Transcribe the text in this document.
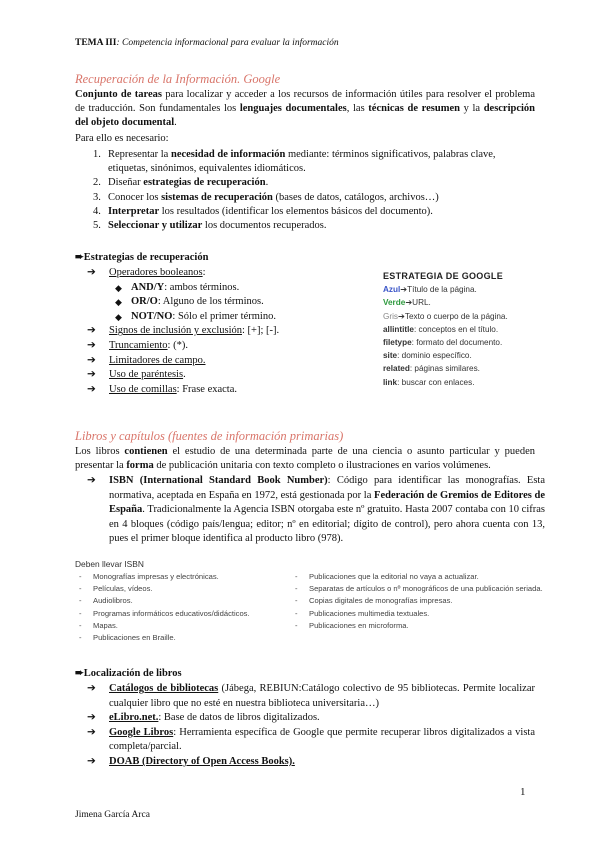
TEMA III: Competencia informacional para evaluar la información
Recuperación de la Información. Google
Conjunto de tareas para localizar y acceder a los recursos de información útiles para resolver el problema de traducción. Son fundamentales los lenguajes documentales, las técnicas de resumen y la descripción del objeto documental.
Para ello es necesario:
1. Representar la necesidad de información mediante: términos significativos, palabras clave, etiquetas, sinónimos, equivalentes idiomáticos.
2. Diseñar estrategias de recuperación.
3. Conocer los sistemas de recuperación (bases de datos, catálogos, archivos…)
4. Interpretar los resultados (identificar los elementos básicos del documento).
5. Seleccionar y utilizar los documentos recuperados.
➨Estrategias de recuperación
➔ Operadores booleanos:
◆ AND/Y: ambos términos.
◆ OR/O: Alguno de los términos.
◆ NOT/NO: Sólo el primer término.
➔ Signos de inclusión y exclusión: [+]; [-].
➔ Truncamiento: (*).
➔ Limitadores de campo.
➔ Uso de paréntesis.
➔ Uso de comillas: Frase exacta.
ESTRATEGIA DE GOOGLE
Azul➔Título de la página.
Verde➔URL.
Gris➔Texto o cuerpo de la página.
allintitle: conceptos en el título.
filetype: formato del documento.
site: dominio específico.
related: páginas similares.
link: buscar con enlaces.
Libros y capítulos (fuentes de información primarias)
Los libros contienen el estudio de una determinada parte de una ciencia o asunto particular y pueden presentar la forma de publicación unitaria con texto completo o ilustraciones en varios volúmenes.
➔ ISBN (International Standard Book Number): Código para identificar las monografías. Esta normativa, aceptada en España en 1972, está gestionada por la Federación de Gremios de Editores de España. Tradicionalmente la Agencia ISBN otorgaba este nº gratuito. Hasta 2007 contaba con 10 cifras en 4 bloques (código país/lengua; editor; nº en editorial; dígito de control), pero ahora cuenta con 13, pues el primer bloque identifica al producto libro (978).
Deben llevar ISBN
- Monografías impresas y electrónicas.
- Películas, vídeos.
- Audiolibros.
- Programas informáticos educativos/didácticos.
- Mapas.
- Publicaciones en Braille.
- Publicaciones que la editorial no vaya a actualizar.
- Separatas de artículos o nº monográficos de una publicación seriada.
- Copias digitales de monografías impresas.
- Publicaciones multimedia textuales.
- Publicaciones en microforma.
➨Localización de libros
➔ Catálogos de bibliotecas (Jábega, REBIUN:Catálogo colectivo de 95 bibliotecas. Permite localizar cualquier libro que no esté en nuestra biblioteca universitaria…)
➔ eLibro.net.: Base de datos de libros digitalizados.
➔ Google Libros: Herramienta específica de Google que permite recuperar libros digitalizados a vista completa/parcial.
➔ DOAB (Directory of Open Access Books).
1
Jimena García Arca
